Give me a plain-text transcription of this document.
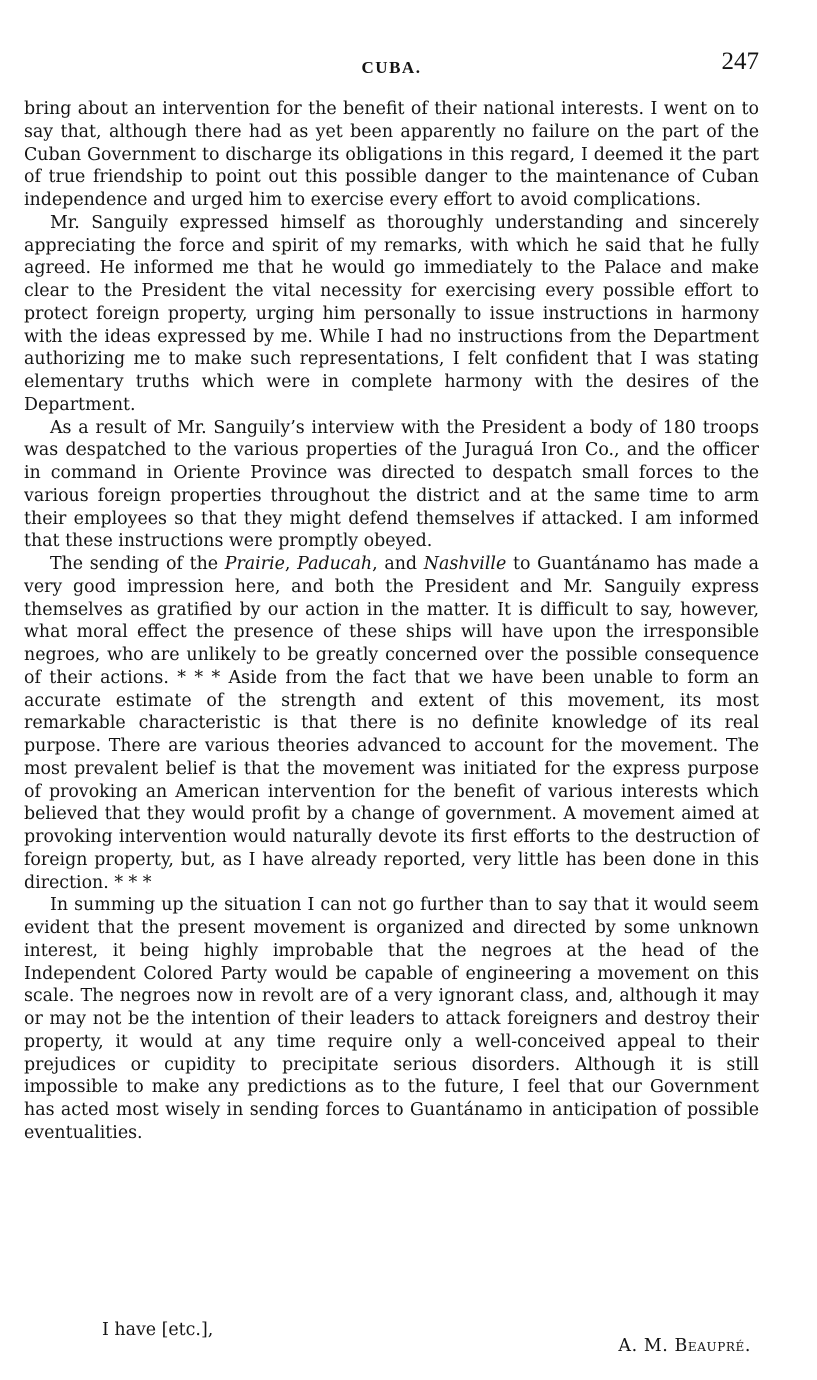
CUBA.	247

bring about an intervention for the benefit of their national interests. I went on to say that, although there had as yet been apparently no failure on the part of the Cuban Government to discharge its obligations in this regard, I deemed it the part of true friendship to point out this possible danger to the maintenance of Cuban independence and urged him to exercise every effort to avoid complications.

Mr. Sanguily expressed himself as thoroughly understanding and sincerely appreciating the force and spirit of my remarks, with which he said that he fully agreed. He informed me that he would go immediately to the Palace and make clear to the President the vital necessity for exercising every possible effort to protect foreign property, urging him personally to issue instructions in harmony with the ideas expressed by me. While I had no instructions from the Department authorizing me to make such representations, I felt confident that I was stating elementary truths which were in complete harmony with the desires of the Department.

As a result of Mr. Sanguily’s interview with the President a body of 180 troops was despatched to the various properties of the Juraguá Iron Co., and the officer in command in Oriente Province was directed to despatch small forces to the various foreign properties throughout the district and at the same time to arm their employees so that they might defend themselves if attacked. I am informed that these instructions were promptly obeyed.

The sending of the Prairie, Paducah, and Nashville to Guantánamo has made a very good impression here, and both the President and Mr. Sanguily express themselves as gratified by our action in the matter. It is difficult to say, however, what moral effect the presence of these ships will have upon the irresponsible negroes, who are unlikely to be greatly concerned over the possible consequence of their actions. * * * Aside from the fact that we have been unable to form an accurate estimate of the strength and extent of this movement, its most remarkable characteristic is that there is no definite knowledge of its real purpose. There are various theories advanced to account for the movement. The most prevalent belief is that the movement was initiated for the express purpose of provoking an American intervention for the benefit of various interests which believed that they would profit by a change of government. A movement aimed at provoking intervention would naturally devote its first efforts to the destruction of foreign property, but, as I have already reported, very little has been done in this direction. * * *

In summing up the situation I can not go further than to say that it would seem evident that the present movement is organized and directed by some unknown interest, it being highly improbable that the negroes at the head of the Independent Colored Party would be capable of engineering a movement on this scale. The negroes now in revolt are of a very ignorant class, and, although it may or may not be the intention of their leaders to attack foreigners and destroy their property, it would at any time require only a well-conceived appeal to their prejudices or cupidity to precipitate serious disorders. Although it is still impossible to make any predictions as to the future, I feel that our Government has acted most wisely in sending forces to Guantánamo in anticipation of possible eventualities.

I have [etc.],
A. M. Beaupré.
